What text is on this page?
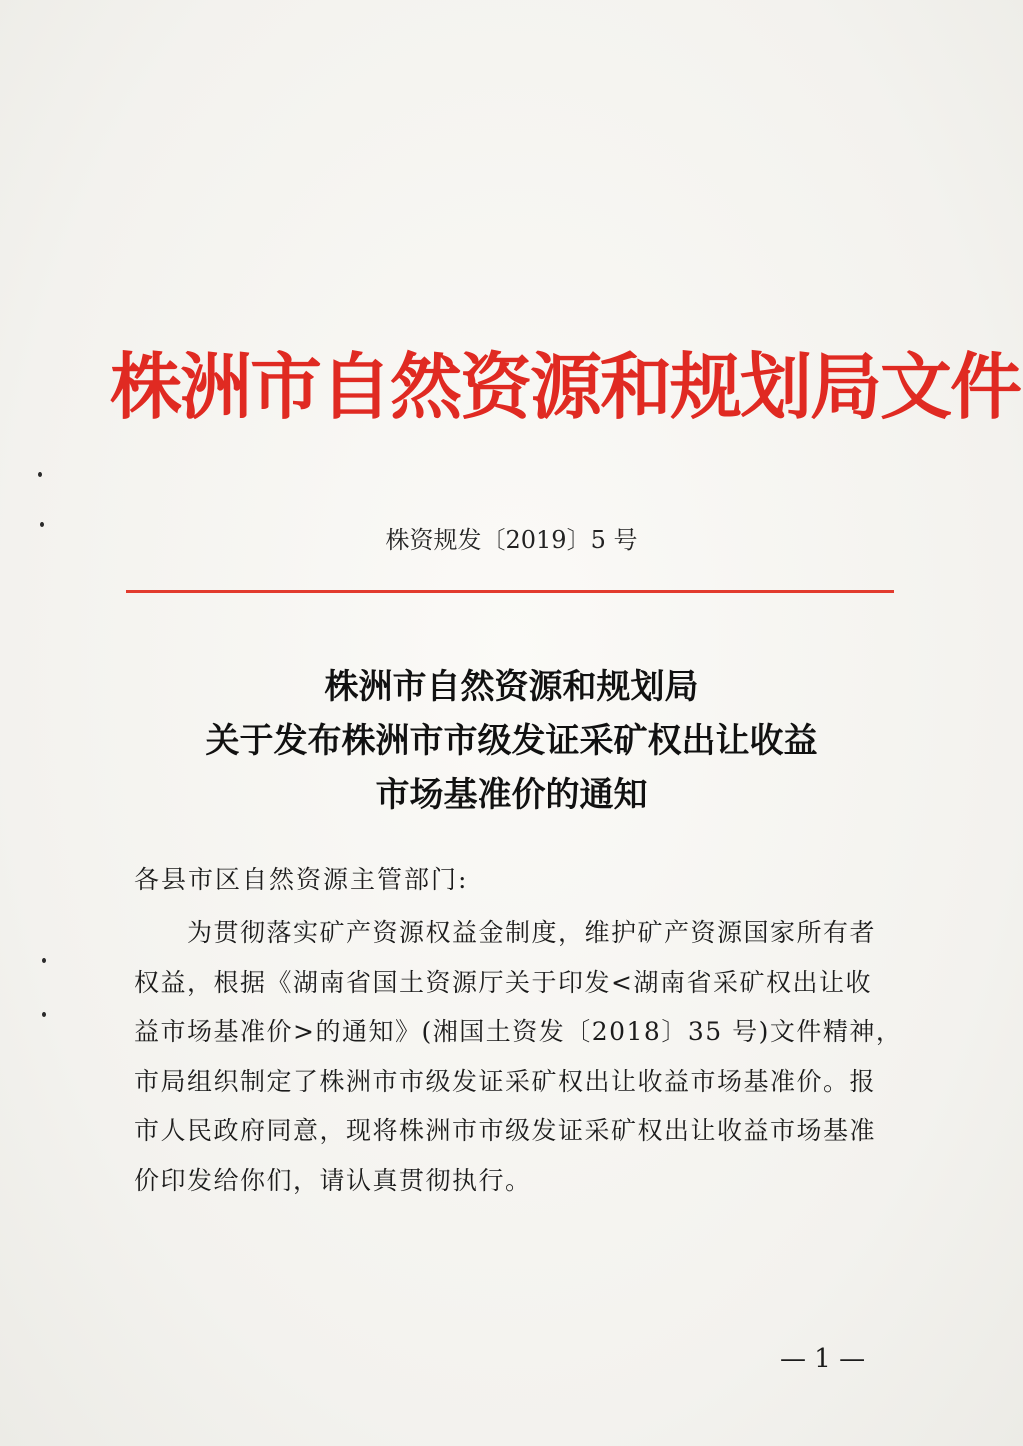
株洲市自然资源和规划局文件
株资规发〔2019〕5 号
株洲市自然资源和规划局
关于发布株洲市市级发证采矿权出让收益
市场基准价的通知
各县市区自然资源主管部门:
　　为贯彻落实矿产资源权益金制度，维护矿产资源国家所有者
权益，根据《湖南省国土资源厅关于印发<湖南省采矿权出让收
益市场基准价>的通知》(湘国土资发〔2018〕35 号)文件精神，
市局组织制定了株洲市市级发证采矿权出让收益市场基准价。报
市人民政府同意，现将株洲市市级发证采矿权出让收益市场基准
价印发给你们，请认真贯彻执行。
— 1 —
